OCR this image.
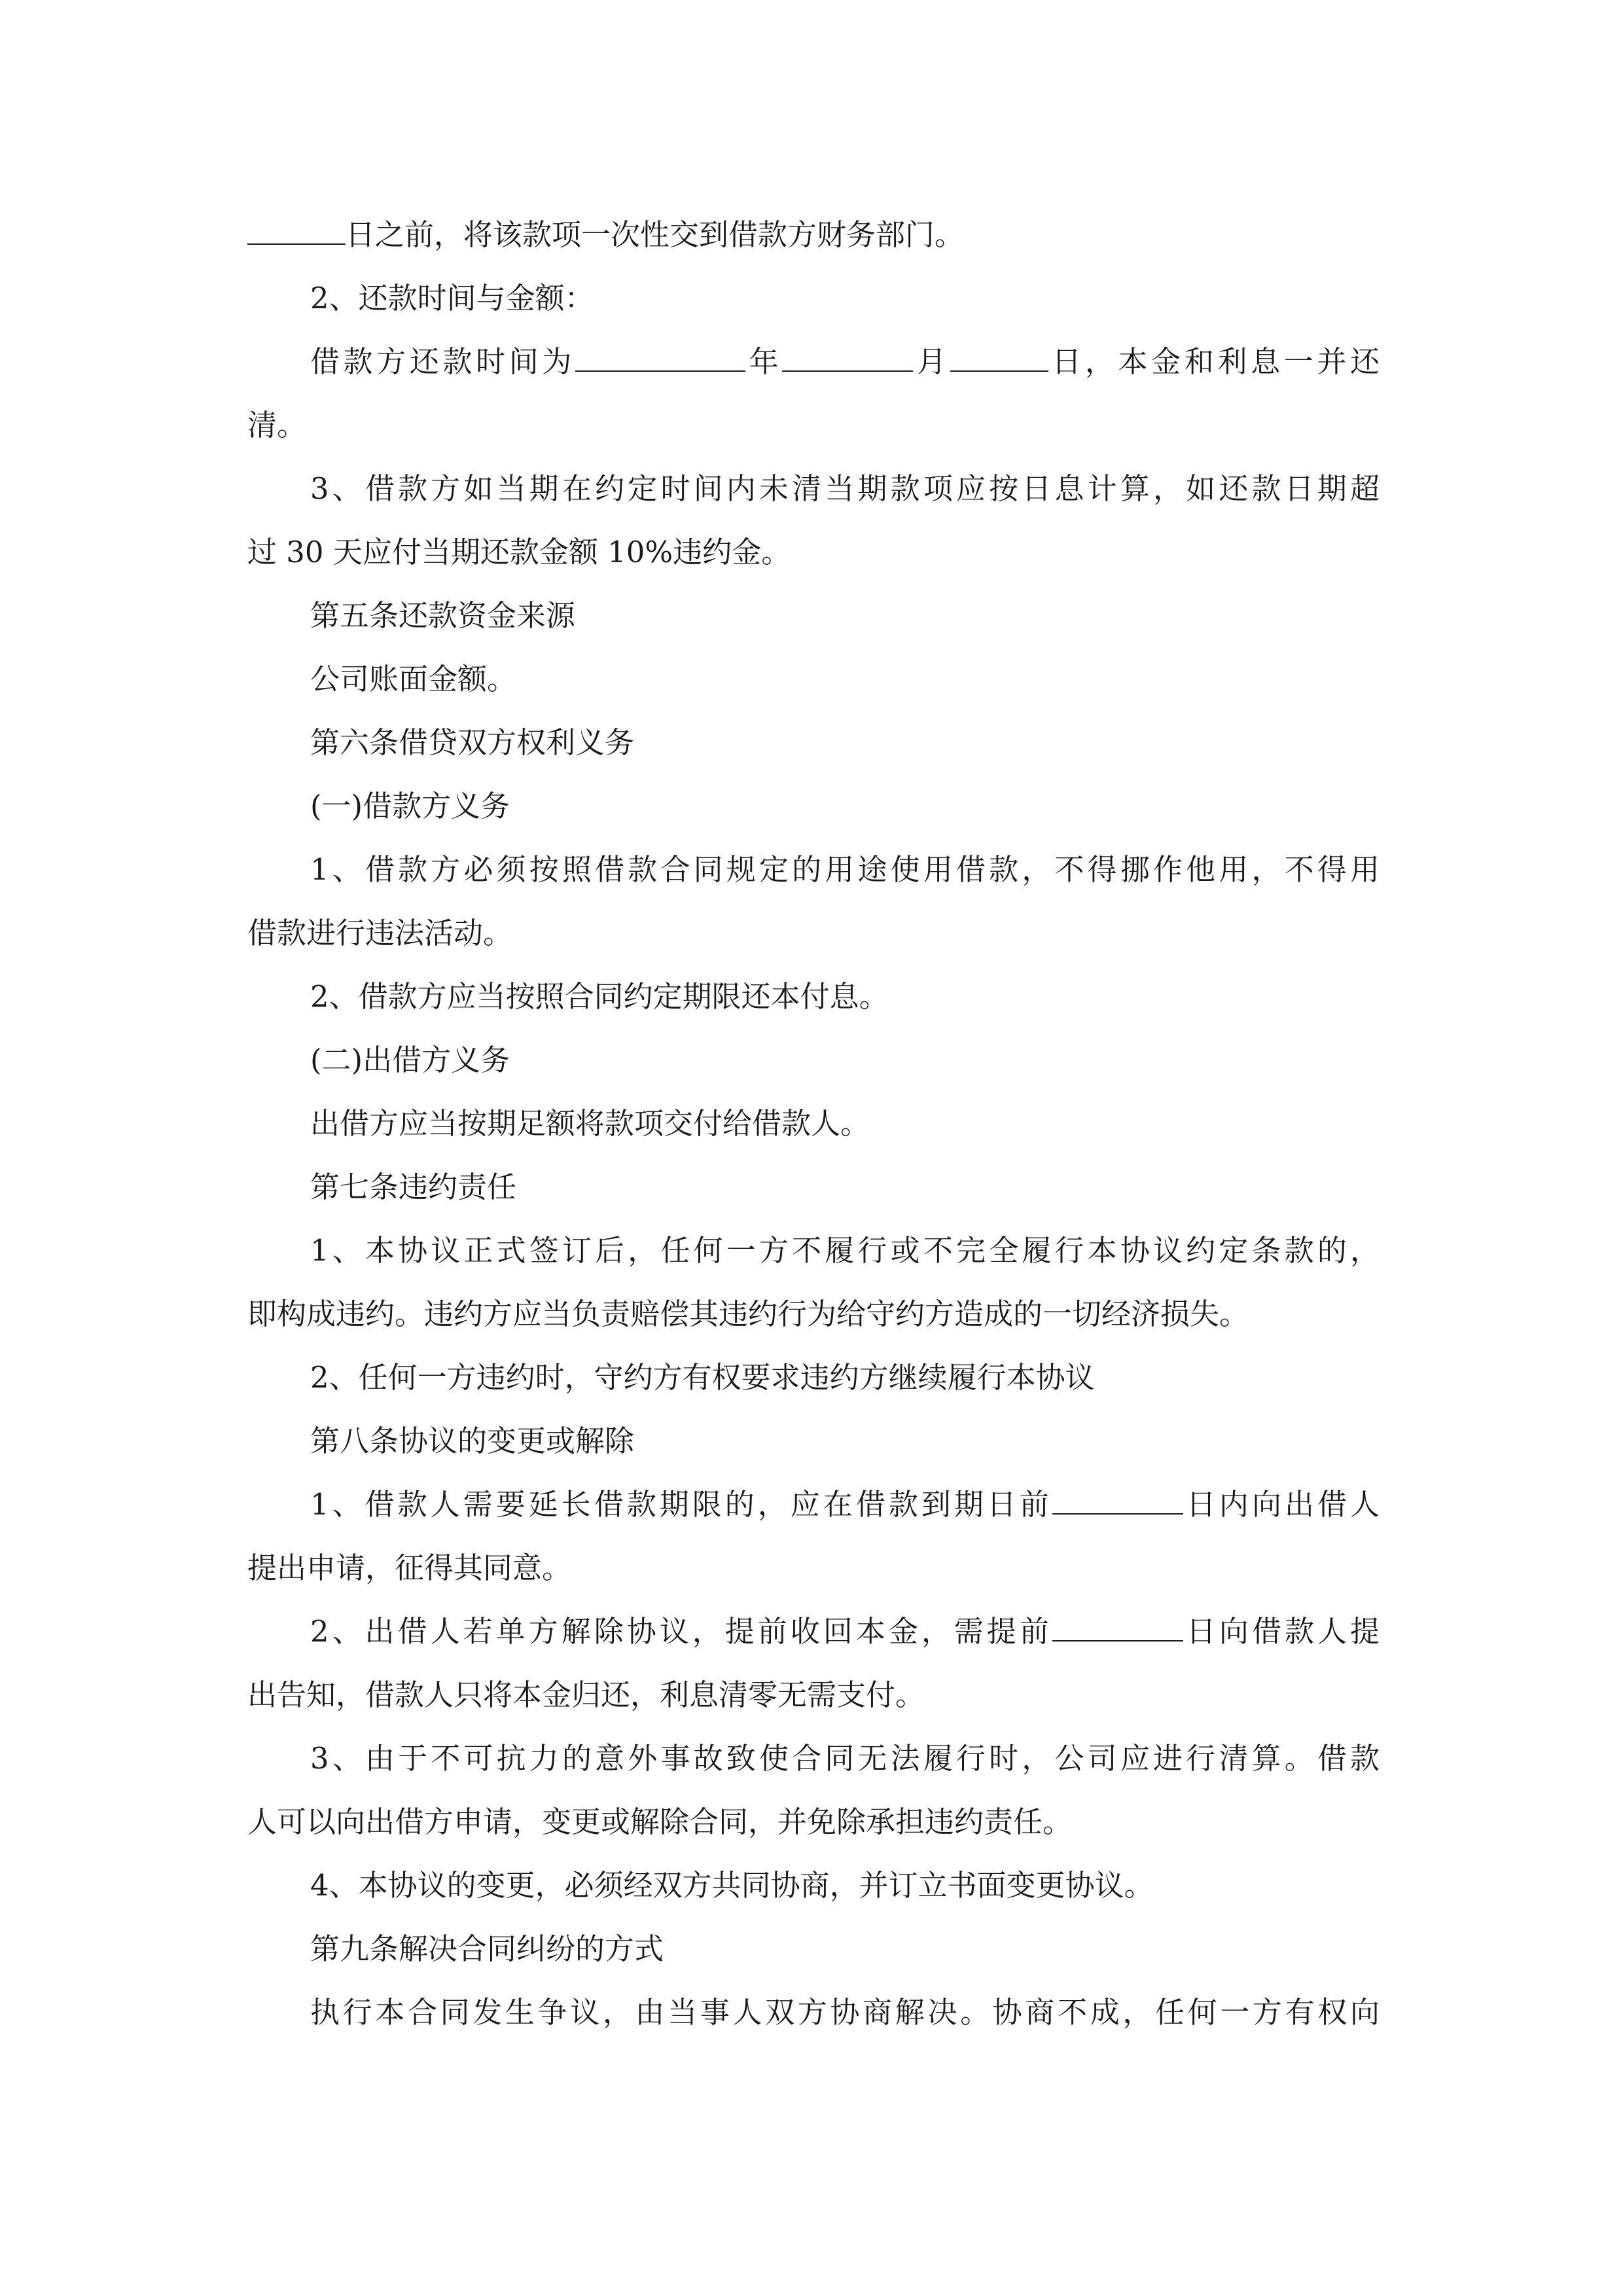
日之前，将该款项一次性交到借款方财务部门。
2、还款时间与金额：
借款方还款时间为	年	月	日，本金和利息一并还
清。
3、借款方如当期在约定时间内未清当期款项应按日息计算，如还款日期超
过 30 天应付当期还款金额 10%违约金。
第五条还款资金来源
公司账面金额。
第六条借贷双方权利义务
(一)借款方义务
1、借款方必须按照借款合同规定的用途使用借款，不得挪作他用，不得用
借款进行违法活动。
2、借款方应当按照合同约定期限还本付息。
(二)出借方义务
出借方应当按期足额将款项交付给借款人。
第七条违约责任
1、本协议正式签订后，任何一方不履行或不完全履行本协议约定条款的，
即构成违约。违约方应当负责赔偿其违约行为给守约方造成的一切经济损失。
2、任何一方违约时，守约方有权要求违约方继续履行本协议
第八条协议的变更或解除
1、借款人需要延长借款期限的，应在借款到期日前	日内向出借人
提出申请，征得其同意。
2、出借人若单方解除协议，提前收回本金，需提前	日向借款人提
出告知，借款人只将本金归还，利息清零无需支付。
3、由于不可抗力的意外事故致使合同无法履行时，公司应进行清算。借款
人可以向出借方申请，变更或解除合同，并免除承担违约责任。
4、本协议的变更，必须经双方共同协商，并订立书面变更协议。
第九条解决合同纠纷的方式
执行本合同发生争议，由当事人双方协商解决。协商不成，任何一方有权向
